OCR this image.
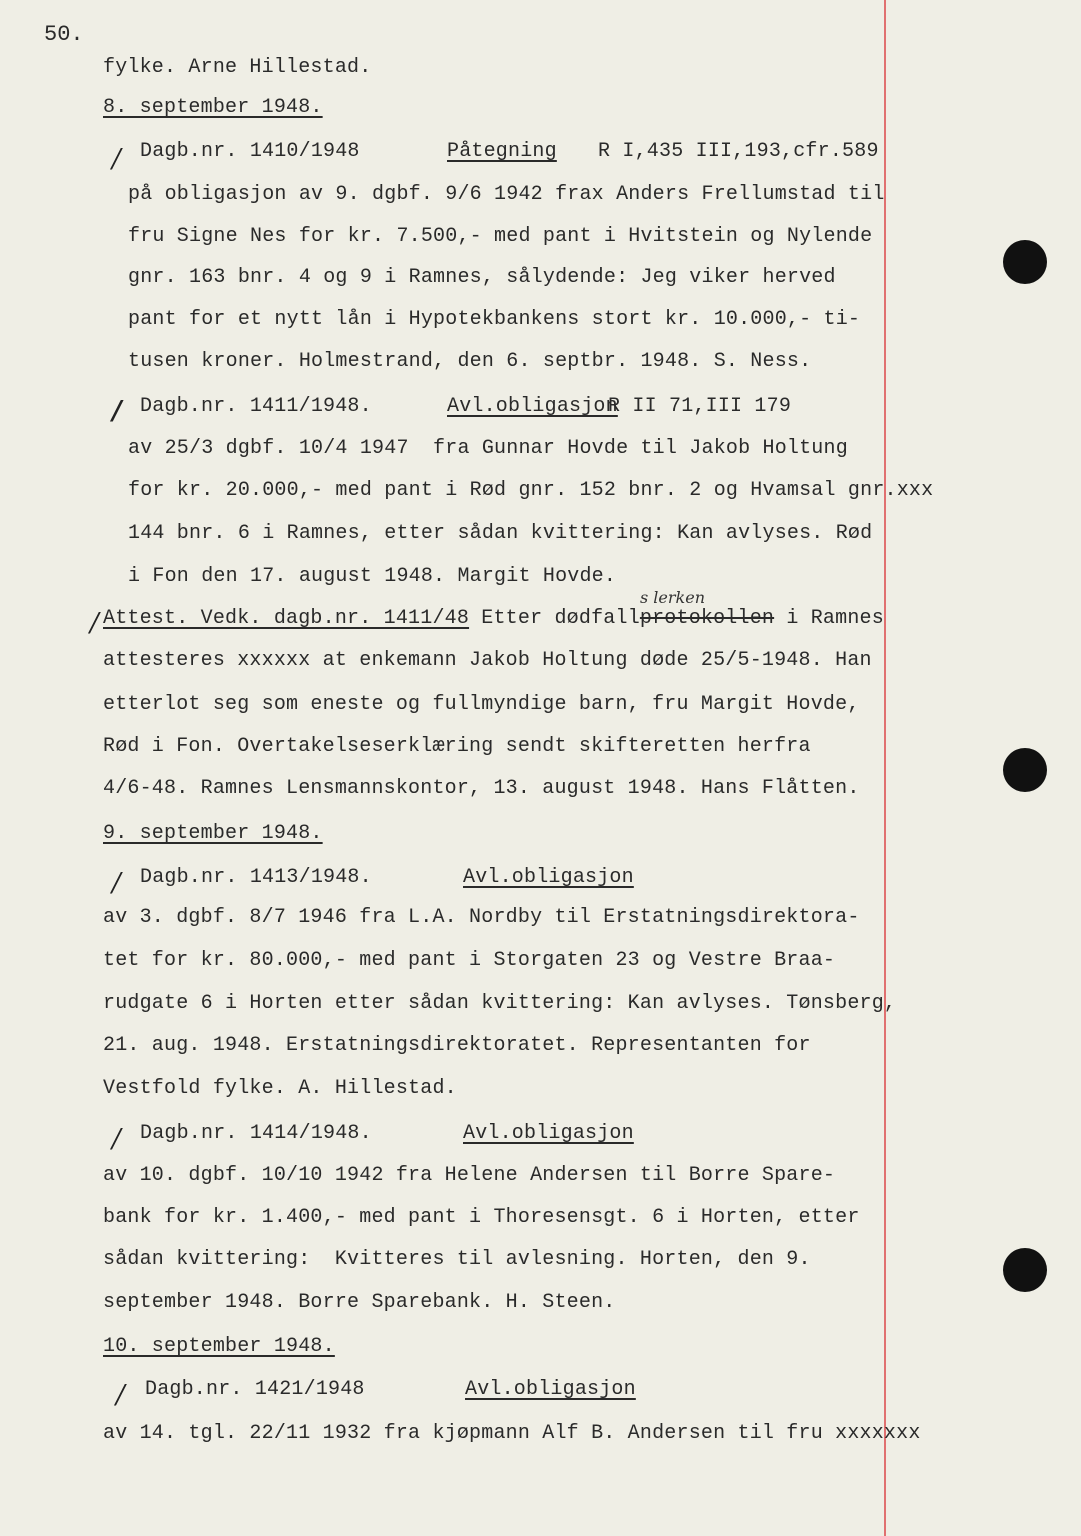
50.
fylke. Arne Hillestad.
8. september 1948.
/ Dagb.nr. 1410/1948	Påtegning R I,435 III,193,cfr.589
på obligasjon av 9. dgbf. 9/6 1942 frax Anders Frellumstad til
fru Signe Nes for kr. 7.500,- med pant i Hvitstein og Nylende
gnr. 163 bnr. 4 og 9 i Ramnes, sålydende: Jeg viker herved
pant for et nytt lån i Hypotekbankens stort kr. 10.000,- ti-
tusen kroner. Holmestrand, den 6. septbr. 1948. S. Ness.
/ Dagb.nr. 1411/1948.	Avl.obligasjon
R II 71,III 179
av 25/3 dgbf. 10/4 1947  fra Gunnar Hovde til Jakob Holtung
for kr. 20.000,- med pant i Rød gnr. 152 bnr. 2 og Hvamsal gnr.xxx
144 bnr. 6 i Ramnes, etter sådan kvittering: Kan avlyses. Rød
i Fon den 17. august 1948. Margit Hovde.
/ Attest. Vedk. dagb.nr. 1411/48 Etter dødfallprotokollen i Ramnes
s lerken
attesteres xxxxxx at enkemann Jakob Holtung døde 25/5-1948. Han
etterlot seg som eneste og fullmyndige barn, fru Margit Hovde,
Rød i Fon. Overtakelseserklæring sendt skifteretten herfra
4/6-48. Ramnes Lensmannskontor, 13. august 1948. Hans Flåtten.
9. september 1948.
/ Dagb.nr. 1413/1948.	Avl.obligasjon
av 3. dgbf. 8/7 1946 fra L.A. Nordby til Erstatningsdirektora-
tet for kr. 80.000,- med pant i Storgaten 23 og Vestre Braa-
rudgate 6 i Horten etter sådan kvittering: Kan avlyses. Tønsberg,
21. aug. 1948. Erstatningsdirektoratet. Representanten for
Vestfold fylke. A. Hillestad.
/ Dagb.nr. 1414/1948.	Avl.obligasjon
av 10. dgbf. 10/10 1942 fra Helene Andersen til Borre Spare-
bank for kr. 1.400,- med pant i Thoresensgt. 6 i Horten, etter
sådan kvittering:  Kvitteres til avlesning. Horten, den 9.
september 1948. Borre Sparebank. H. Steen.
10. september 1948.
/ Dagb.nr. 1421/1948	Avl.obligasjon
av 14. tgl. 22/11 1932 fra kjøpmann Alf B. Andersen til fru xxxxxxx
